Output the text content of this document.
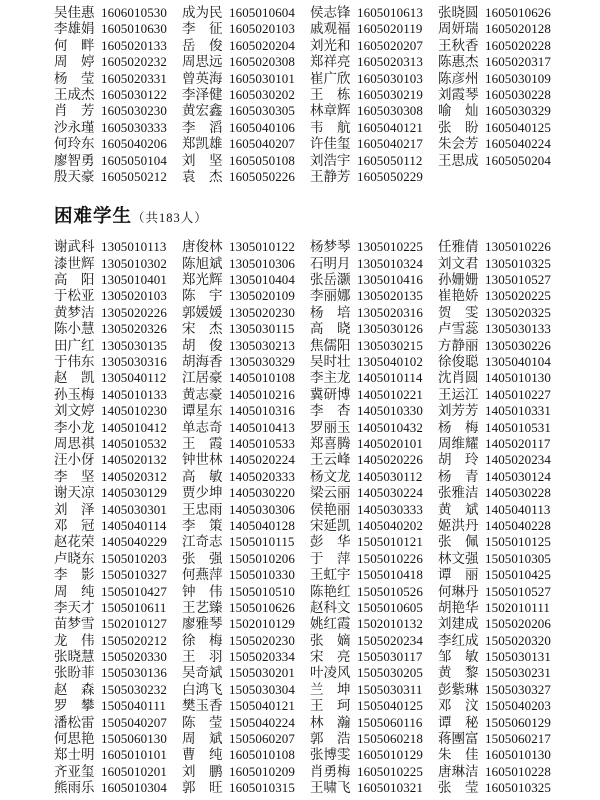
吴佳惠 1606010530	成为民 1605010604	侯志锋 1605010613	张晓圆 1605010626
李雄娟 1605010630	李征 1605020103	戚观福 1605020119	周妍瑞 1605020128
何畔 1605020133	岳俊 1605020204	刘光和 1605020207	王秋香 1605020228
周婷 1605020232	周思远 1605020308	郑祥亮 1605020313	陈惠杰 1605020317
杨莹 1605020331	曾英海 1605030101	崔广欣 1605030103	陈彦州 1605030109
王成杰 1605030122	李泽健 1605030202	王栋 1605030219	刘霞琴 1605030228
肖芳 1605030230	黄宏鑫 1605030305	林章辉 1605030308	喻灿 1605030329
沙永瑾 1605030333	李滔 1605040106	韦航 1605040121	张盼 1605040125
何玲东 1605040206	郑凯雄 1605040207	许佳玺 1605040217	朱会芳 1605040224
廖智勇 1605050104	刘坚 1605050108	刘浩宇 1605050112	王思成 1605050204
殷天豪 1605050212	袁杰 1605050226	王静芳 1605050229
困难学生（共183人）
谢武科 1305010113	唐俊林 1305010122	杨梦琴 1305010225	任雅倩 1305010226
漆世辉 1305010302	陈旭斌 1305010306	石明月 1305010324	刘文君 1305010325
高阳 1305010401	郑光辉 1305010404	张岳灏 1305010416	孙姗姗 1305010527
于松亚 1305020103	陈宇 1305020109	李丽娜 1305020135	崔艳娇 1305020225
黄梦洁 1305020226	郭媛媛 1305020230	杨培 1305020316	贺雯 1305020325
陈小慧 1305020326	宋杰 1305030115	高晓 1305030126	卢雪蕊 1305030133
田广红 1305030135	胡俊 1305030213	焦儒阳 1305030215	方静丽 1305030226
于伟东 1305030316	胡海香 1305030329	吴时壮 1305040102	徐俊聪 1305040104
赵凯 1305040112	江居豪 1405010108	李主龙 1405010114	沈肖圆 1405010130
孙玉梅 1405010133	黄志豪 1405010216	冀研博 1405010221	王运江 1405010227
刘文婷 1405010230	谭星东 1405010316	李杏 1405010330	刘芳芳 1405010331
李小龙 1405010412	单志奇 1405010413	罗丽玉 1405010432	杨梅 1405010531
周思祺 1405010532	王霞 1405010533	郑喜腾 1405020101	周维耀 1405020117
汪小伢 1405020132	钟世林 1405020224	王云峰 1405020226	胡玲 1405020234
李坚 1405020312	高敏 1405020333	杨文龙 1405030112	杨青 1405030124
谢天凉 1405030129	贾少坤 1405030220	梁云丽 1405030224	张雅洁 1405030228
刘泽 1405030301	王忠雨 1405030306	侯艳丽 1405030333	黄斌 1405040113
邓冠 1405040114	李策 1405040128	宋延凯 1405040202	姬洪丹 1405040228
赵花荣 1405040229	江奇志 1505010115	彭华 1505010121	张佩 1505010125
卢晓东 1505010203	张强 1505010206	于萍 1505010226	林文强 1505010305
李影 1505010327	何燕萍 1505010330	王虹宇 1505010418	谭丽 1505010425
周纯 1505010427	钟伟 1505010510	陈艳红 1505010526	何琳丹 1505010527
李天才 1505010611	王艺臻 1505010626	赵科文 1505010605	胡艳华 1502010111
苗梦雪 1502010127	廖雅琴 1502010129	姚红霞 1502010132	刘建成 1505020206
龙伟 1505020212	徐梅 1505020230	张嫡 1505020234	李红成 1505020320
张晓慧 1505020330	王羽 1505020334	宋亮 1505030117	邹敏 1505030131
张盼菲 1505030136	吴奇斌 1505030201	叶凌风 1505030205	黄黎 1505030231
赵森 1505030232	白鸿飞 1505030304	兰坤 1505030311	彭紫琳 1505030327
罗攀 1505040111	樊玉香 1505040121	王珂 1505040125	邓汶 1505040203
潘松雷 1505040207	陈莹 1505040224	林瀚 1505060116	谭秘 1505060129
何思艳 1505060130	周斌 1505060207	郭浩 1505060218	蒋團富 1505060217
郑士明 1605010101	曹纯 1605010108	张博雯 1605010129	朱佳 1605010130
齐亚玺 1605010201	刘鹏 1605010209	肖勇梅 1605010225	唐琳洁 1605010228
熊雨乐 1605010304	郭旺 1605010315	王啸飞 1605010321	张莹 1605010325
